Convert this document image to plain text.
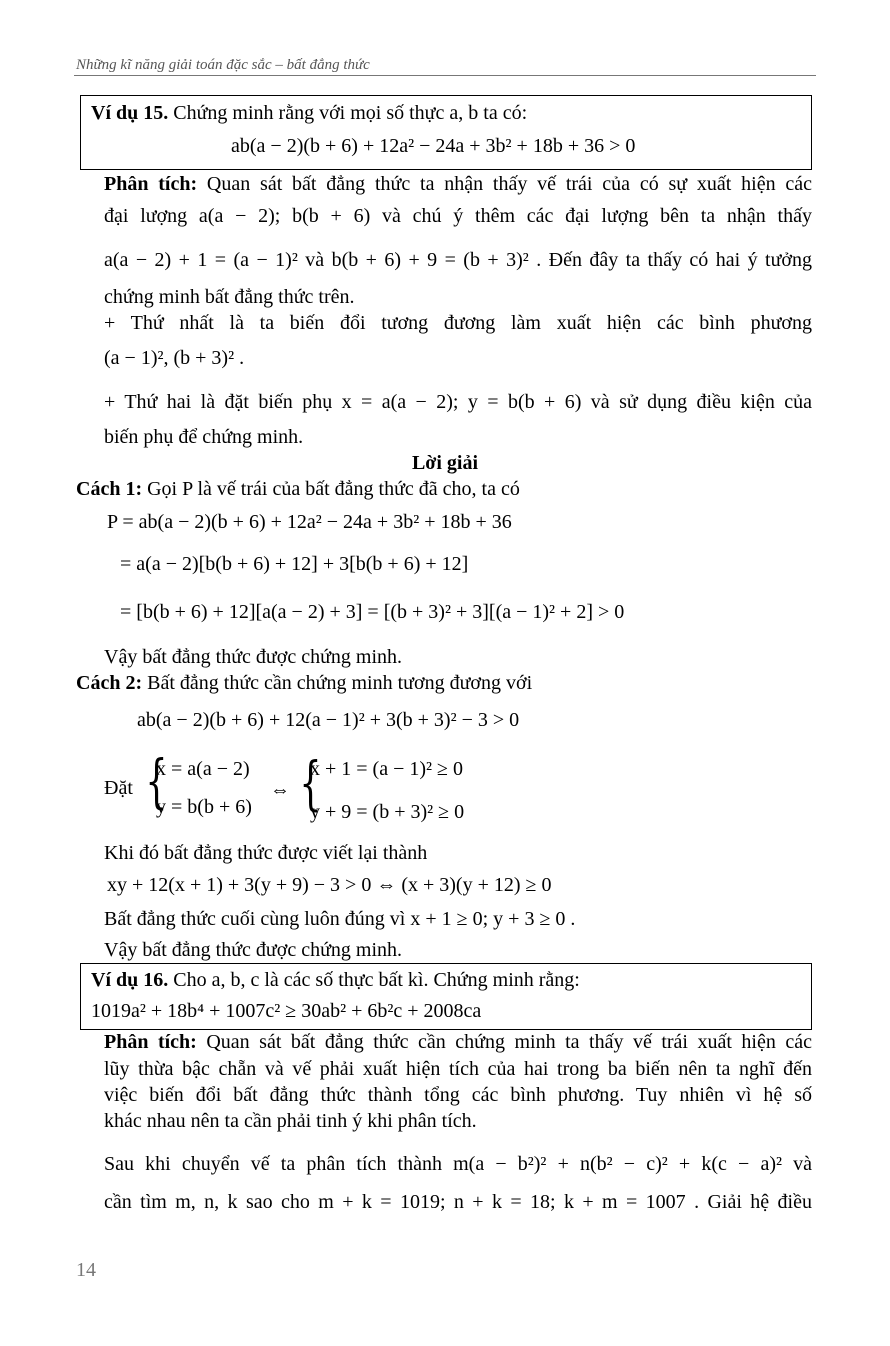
Những kĩ năng giải toán đặc sắc – bất đẳng thức
Ví dụ 15. Chứng minh rằng với mọi số thực a, b ta có:
ab(a − 2)(b + 6) + 12a² − 24a + 3b² + 18b + 36 > 0
Phân tích: Quan sát bất đẳng thức ta nhận thấy vế trái của có sự xuất hiện các
đại lượng a(a − 2); b(b + 6) và chú ý thêm các đại lượng bên ta nhận thấy
a(a − 2) + 1 = (a − 1)² và b(b + 6) + 9 = (b + 3)² . Đến đây ta thấy có hai ý tưởng
chứng minh bất đẳng thức trên.
+ Thứ nhất là ta biến đổi tương đương làm xuất hiện các bình phương
(a − 1)², (b + 3)² .
+ Thứ hai là đặt biến phụ x = a(a − 2); y = b(b + 6) và sử dụng điều kiện của
biến phụ để chứng minh.
Lời giải
Cách 1: Gọi P là vế trái của bất đẳng thức đã cho, ta có
P = ab(a − 2)(b + 6) + 12a² − 24a + 3b² + 18b + 36
= a(a − 2)[b(b + 6) + 12] + 3[b(b + 6) + 12]
= [b(b + 6) + 12][a(a − 2) + 3] = [(b + 3)² + 3][(a − 1)² + 2] > 0
Vậy bất đẳng thức được chứng minh.
Cách 2: Bất đẳng thức cần chứng minh tương đương với
ab(a − 2)(b + 6) + 12(a − 1)² + 3(b + 3)² − 3 > 0
Đặt {
x = a(a − 2)
y = b(b + 6)
⇔ {
x + 1 = (a − 1)² ≥ 0
y + 9 = (b + 3)² ≥ 0
Khi đó bất đẳng thức được viết lại thành
xy + 12(x + 1) + 3(y + 9) − 3 > 0 ⇔ (x + 3)(y + 12) ≥ 0
Bất đẳng thức cuối cùng luôn đúng vì x + 1 ≥ 0; y + 3 ≥ 0 .
Vậy bất đẳng thức được chứng minh.
Ví dụ 16. Cho a, b, c là các số thực bất kì. Chứng minh rằng:
1019a² + 18b⁴ + 1007c² ≥ 30ab² + 6b²c + 2008ca
Phân tích: Quan sát bất đẳng thức cần chứng minh ta thấy vế trái xuất hiện các
lũy thừa bậc chẵn và vế phải xuất hiện tích của hai trong ba biến nên ta nghĩ đến
việc biến đổi bất đẳng thức thành tổng các bình phương. Tuy nhiên vì hệ số
khác nhau nên ta cần phải tinh ý khi phân tích.
Sau khi chuyển vế ta phân tích thành m(a − b²)² + n(b² − c)² + k(c − a)² và
cần tìm m, n, k sao cho m + k = 1019; n + k = 18; k + m = 1007 . Giải hệ điều
14
